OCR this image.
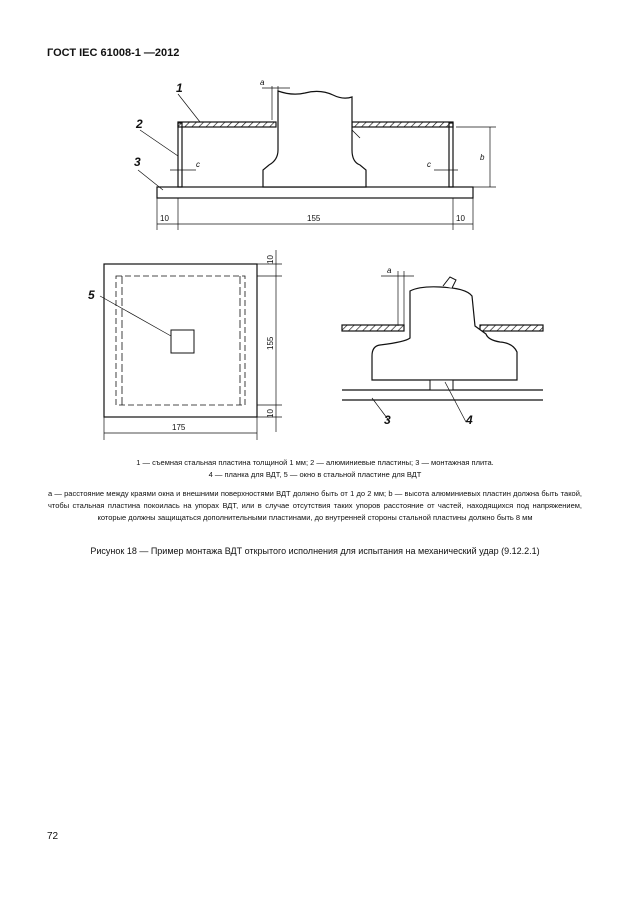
ГОСТ IEC 61008-1 —2012
1
2
3
a
c	c
b
10	155	10
5
10
155
10
175
a
3	4
1 — съемная стальная пластина толщиной 1 мм; 2 — алюминиевые пластины; 3 — монтажная плита.
4 — планка для ВДТ, 5 — окно в стальной пластине для ВДТ
a — расстояние между краями окна и внешними поверхностями ВДТ должно быть от 1 до 2 мм; b — высота алюминиевых пластин должна быть такой, чтобы стальная пластина покоилась на упорах ВДТ, или в случае отсутствия таких упоров расстояние от частей, находящихся под напряжением, которые должны защищаться дополнительными пластинами, до внутренней стороны стальной пластины должно быть 8 мм
Рисунок 18 — Пример монтажа ВДТ открытого исполнения для испытания на механический удар (9.12.2.1)
72
